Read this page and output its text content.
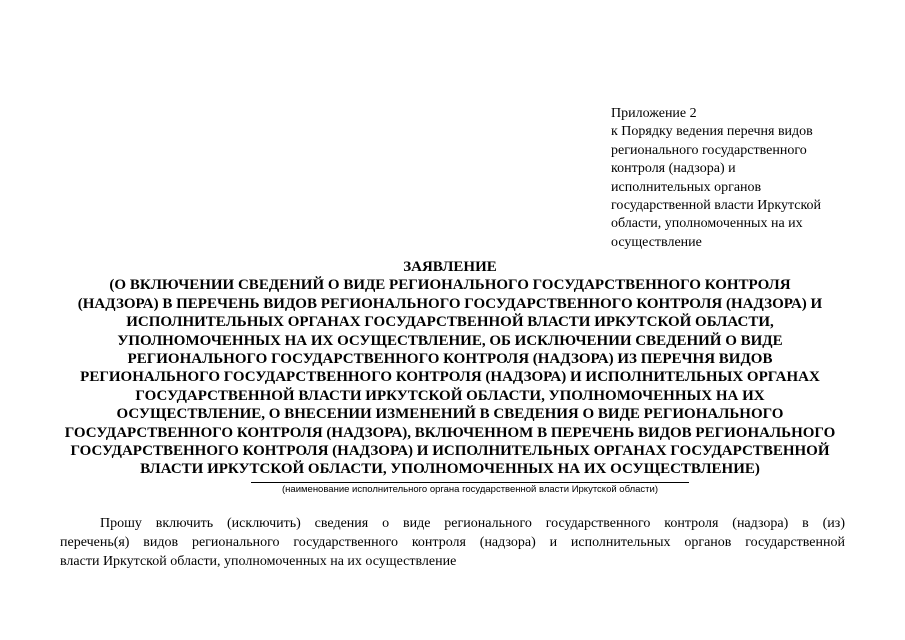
Приложение 2
к Порядку ведения перечня видов
регионального государственного
контроля (надзора) и
исполнительных органов
государственной власти Иркутской
области, уполномоченных на их
осуществление
ЗАЯВЛЕНИЕ
(О ВКЛЮЧЕНИИ СВЕДЕНИЙ О ВИДЕ РЕГИОНАЛЬНОГО ГОСУДАРСТВЕННОГО КОНТРОЛЯ
(НАДЗОРА) В ПЕРЕЧЕНЬ ВИДОВ РЕГИОНАЛЬНОГО ГОСУДАРСТВЕННОГО КОНТРОЛЯ (НАДЗОРА) И
ИСПОЛНИТЕЛЬНЫХ ОРГАНАХ ГОСУДАРСТВЕННОЙ ВЛАСТИ ИРКУТСКОЙ ОБЛАСТИ,
УПОЛНОМОЧЕННЫХ НА ИХ ОСУЩЕСТВЛЕНИЕ, ОБ ИСКЛЮЧЕНИИ СВЕДЕНИЙ О ВИДЕ
РЕГИОНАЛЬНОГО ГОСУДАРСТВЕННОГО КОНТРОЛЯ (НАДЗОРА) ИЗ ПЕРЕЧНЯ ВИДОВ
РЕГИОНАЛЬНОГО ГОСУДАРСТВЕННОГО КОНТРОЛЯ (НАДЗОРА) И ИСПОЛНИТЕЛЬНЫХ ОРГАНАХ
ГОСУДАРСТВЕННОЙ ВЛАСТИ ИРКУТСКОЙ ОБЛАСТИ, УПОЛНОМОЧЕННЫХ НА ИХ
ОСУЩЕСТВЛЕНИЕ, О ВНЕСЕНИИ ИЗМЕНЕНИЙ В СВЕДЕНИЯ О ВИДЕ РЕГИОНАЛЬНОГО
ГОСУДАРСТВЕННОГО КОНТРОЛЯ (НАДЗОРА), ВКЛЮЧЕННОМ В ПЕРЕЧЕНЬ ВИДОВ РЕГИОНАЛЬНОГО
ГОСУДАРСТВЕННОГО КОНТРОЛЯ (НАДЗОРА) И ИСПОЛНИТЕЛЬНЫХ ОРГАНАХ ГОСУДАРСТВЕННОЙ
ВЛАСТИ ИРКУТСКОЙ ОБЛАСТИ, УПОЛНОМОЧЕННЫХ НА ИХ ОСУЩЕСТВЛЕНИЕ)
(наименование исполнительного органа государственной власти Иркутской области)
Прошу включить (исключить) сведения о виде регионального государственного контроля (надзора) в (из)
перечень(я) видов регионального государственного контроля (надзора) и исполнительных органов государственной
власти Иркутской области, уполномоченных на их осуществление
